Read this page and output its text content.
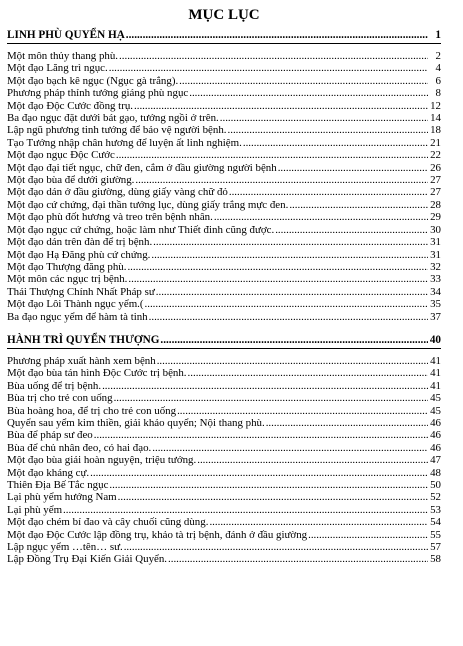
MỤC LỤC
LINH PHÙ QUYỂN HẠ .....	1
Một môn thủy thang phù. .....	2
Một đạo Lăng trì ngục. .....	4
Một đạo bạch kê ngục (Ngục gà trắng). .....	6
Phương pháp thỉnh tướng giáng phù ngục .....	8
Một đạo Độc Cước đồng trụ. .....	12
Ba đạo ngục đặt dưới bát gạo, tướng ngồi ở trên. .....	14
Lập ngũ phương tinh tướng để bảo vệ người bệnh. .....	18
Tạo Tướng nhập chân hương để luyện ất linh nghiệm. .....	21
Một đạo ngục Độc Cước .....	22
Một đạo đại tiết ngục, chữ đen, cắm ở đầu giường người bệnh .....	26
Một đạo bùa để dưới giường. .....	27
Một đạo dán ở đầu giường, dùng giấy vàng chữ đỏ .....	27
Một đạo cứ chứng, đại thần tướng lục, dùng giấy trắng mực đen. .....	28
Một đạo phù đốt hương và treo trên bệnh nhân. .....	29
Một đạo ngục cứ chứng, hoặc làm như Thiết đinh cũng được. .....	30
Một đạo dán trên đàn để trị bệnh. .....	31
Một đạo Hạ Đăng phù cứ chứng. .....	31
Một đạo Thượng đăng phù. .....	32
Một môn các ngục trị bệnh. .....	33
Thái Thượng Chính Nhất Pháp sư .....	34
Một đạo Lôi Thành ngục yểm.( .....	35
Ba đạo ngục yểm để hàm tà tinh .....	37
HÀNH TRÌ QUYỂN THƯỢNG .....	40
Phương pháp xuất hành xem bệnh .....	41
Một đạo bùa tán hình Độc Cước trị bệnh. .....	41
Bùa uống để trị bệnh. .....	41
Bùa trị cho trẻ con uống .....	45
Bùa hoàng hoa, để trị cho trẻ con uống .....	45
Quyển sau yểm kim thiền, giải khảo quyển; Nội thang phù. .....	46
Bùa để pháp sư đeo .....	46
Bùa để chủ nhân đeo, có hai đạo. .....	46
Một đạo bùa giải hoàn nguyện, triệu tướng. .....	47
Một đạo kháng cự. .....	48
Thiên Địa Bế Tắc ngục .....	50
Lại phù yểm hướng Nam .....	52
Lại phù yểm .....	53
Một đạo chém bí đao và cây chuối cũng dùng. .....	54
Một đạo Độc Cước lập đồng trụ, khảo tà trị bệnh, đánh ở đầu giường .....	55
Lập ngục yểm …tên… sư. .....	57
Lập Đồng Trụ Đại Kiến Giải Quyển. .....	58
